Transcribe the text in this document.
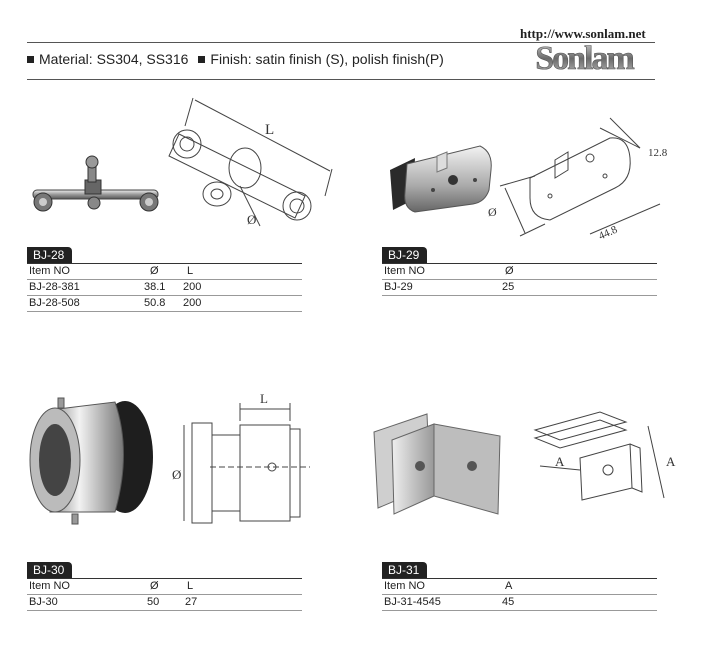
http://www.sonlam.net
Material: SS304, SS316 Finish: satin finish (S), polish finish(P)	Sonlam
L
Ø
BJ-28
Item NO	Ø	L
BJ-28-381	38.1 200
BJ-28-508	50.8 200
Ø
12.8
44.8
BJ-29
Item NO	Ø
BJ-29	25
L
Ø
BJ-30
Item NO	Ø	L
BJ-30	50 27
A	A
BJ-31
Item NO	A
BJ-31-4545	45
